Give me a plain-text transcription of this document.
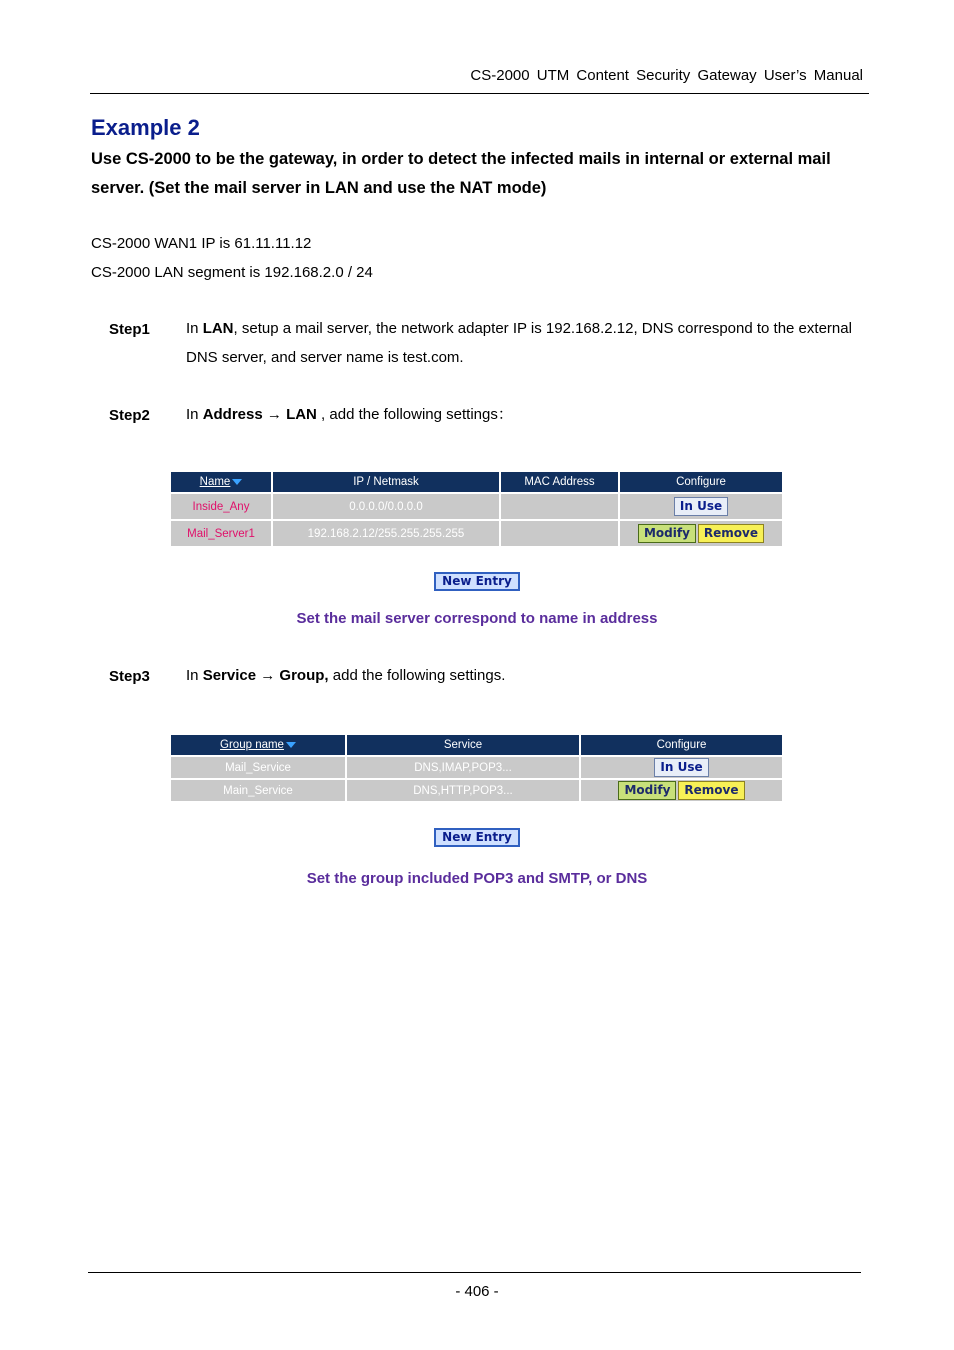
CS-2000 UTM Content Security Gateway User’s Manual
Example 2
Use CS-2000 to be the gateway, in order to detect the infected mails in internal or external mail server. (Set the mail server in LAN and use the NAT mode)
CS-2000 WAN1 IP is 61.11.11.12
CS-2000 LAN segment is 192.168.2.0 / 24
Step1 In LAN, setup a mail server, the network adapter IP is 192.168.2.12, DNS correspond to the external DNS server, and server name is test.com.
Step2 In Address → LAN , add the following settings：
Name	IP / Netmask	MAC Address	Configure
Inside_Any	0.0.0.0/0.0.0.0		In Use
Mail_Server1	192.168.2.12/255.255.255.255		Modify Remove
New Entry
Set the mail server correspond to name in address
Step3 In Service → Group, add the following settings.
Group name	Service	Configure
Mail_Service	DNS,IMAP,POP3...	In Use
Main_Service	DNS,HTTP,POP3...	Modify Remove
New Entry
Set the group included POP3 and SMTP, or DNS
- 406 -
